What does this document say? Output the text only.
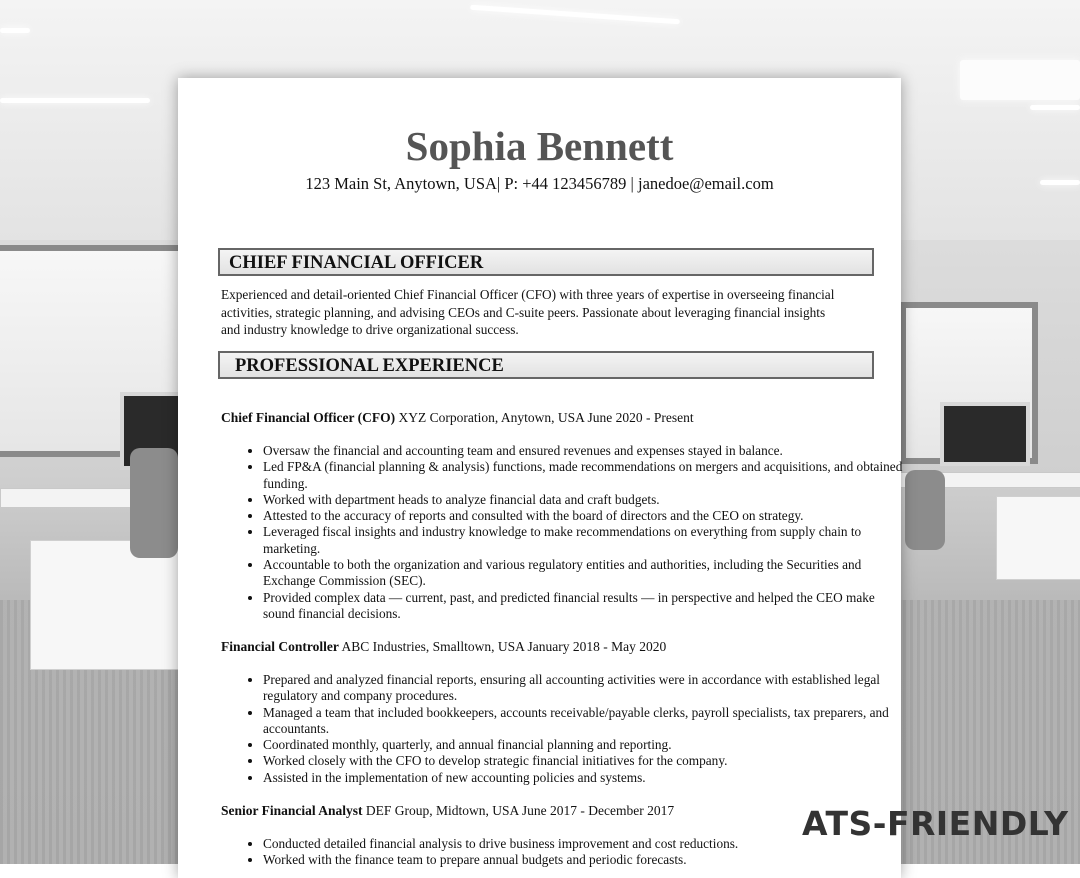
Sophia Bennett

123 Main St, Anytown, USA| P: +44 123456789 | janedoe@email.com

CHIEF FINANCIAL OFFICER

Experienced and detail-oriented Chief Financial Officer (CFO) with three years of expertise in overseeing financial activities, strategic planning, and advising CEOs and C-suite peers. Passionate about leveraging financial insights and industry knowledge to drive organizational success.

PROFESSIONAL EXPERIENCE

Chief Financial Officer (CFO) XYZ Corporation, Anytown, USA June 2020 - Present

• Oversaw the financial and accounting team and ensured revenues and expenses stayed in balance.
• Led FP&A (financial planning & analysis) functions, made recommendations on mergers and acquisitions, and obtained funding.
• Worked with department heads to analyze financial data and craft budgets.
• Attested to the accuracy of reports and consulted with the board of directors and the CEO on strategy.
• Leveraged fiscal insights and industry knowledge to make recommendations on everything from supply chain to marketing.
• Accountable to both the organization and various regulatory entities and authorities, including the Securities and Exchange Commission (SEC).
• Provided complex data — current, past, and predicted financial results — in perspective and helped the CEO make sound financial decisions.

Financial Controller ABC Industries, Smalltown, USA January 2018 - May 2020

• Prepared and analyzed financial reports, ensuring all accounting activities were in accordance with established legal regulatory and company procedures.
• Managed a team that included bookkeepers, accounts receivable/payable clerks, payroll specialists, tax preparers, and accountants.
• Coordinated monthly, quarterly, and annual financial planning and reporting.
• Worked closely with the CFO to develop strategic financial initiatives for the company.
• Assisted in the implementation of new accounting policies and systems.

Senior Financial Analyst DEF Group, Midtown, USA June 2017 - December 2017

• Conducted detailed financial analysis to drive business improvement and cost reductions.
• Worked with the finance team to prepare annual budgets and periodic forecasts.
ATS-FRIENDLY
